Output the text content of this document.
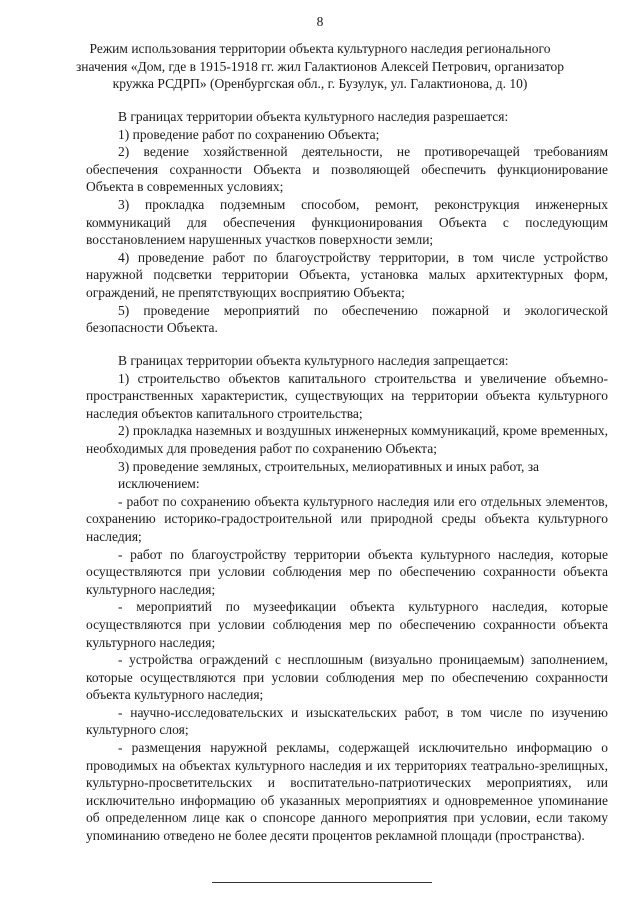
8
Режим использования территории объекта культурного наследия регионального
значения «Дом, где в 1915-1918 гг. жил Галактионов Алексей Петрович, организатор
кружка РСДРП» (Оренбургская обл., г. Бузулук, ул. Галактионова, д. 10)

В границах территории объекта культурного наследия разрешается:

1) проведение работ по сохранению Объекта;

2) ведение хозяйственной деятельности, не противоречащей требованиям обеспечения сохранности Объекта и позволяющей обеспечить функционирование Объекта в современных условиях;

3) прокладка подземным способом, ремонт, реконструкция инженерных коммуникаций для обеспечения функционирования Объекта с последующим восстановлением нарушенных участков поверхности земли;

4) проведение работ по благоустройству территории, в том числе устройство наружной подсветки территории Объекта, установка малых архитектурных форм, ограждений, не препятствующих восприятию Объекта;

5) проведение мероприятий по обеспечению пожарной и экологической безопасности Объекта.

В границах территории объекта культурного наследия запрещается:

1) строительство объектов капитального строительства и увеличение объемно-пространственных характеристик, существующих на территории объекта культурного наследия объектов капитального строительства;

2) прокладка наземных и воздушных инженерных коммуникаций, кроме временных, необходимых для проведения работ по сохранению Объекта;

3) проведение земляных, строительных, мелиоративных и иных работ, за

исключением:

- работ по сохранению объекта культурного наследия или его отдельных элементов, сохранению историко-градостроительной или природной среды объекта культурного наследия;

- работ по благоустройству территории объекта культурного наследия, которые осуществляются при условии соблюдения мер по обеспечению сохранности объекта культурного наследия;

- мероприятий по музеефикации объекта культурного наследия, которые осуществляются при условии соблюдения мер по обеспечению сохранности объекта культурного наследия;

- устройства ограждений с несплошным (визуально проницаемым) заполнением, которые осуществляются при условии соблюдения мер по обеспечению сохранности объекта культурного наследия;

- научно-исследовательских и изыскательских работ, в том числе по изучению культурного слоя;

- размещения наружной рекламы, содержащей исключительно информацию о проводимых на объектах культурного наследия и их территориях театрально-зрелищных, культурно-просветительских и воспитательно-патриотических мероприятиях, или исключительно информацию об указанных мероприятиях и одновременное упоминание об определенном лице как о спонсоре данного мероприятия при условии, если такому упоминанию отведено не более десяти процентов рекламной площади (пространства).
